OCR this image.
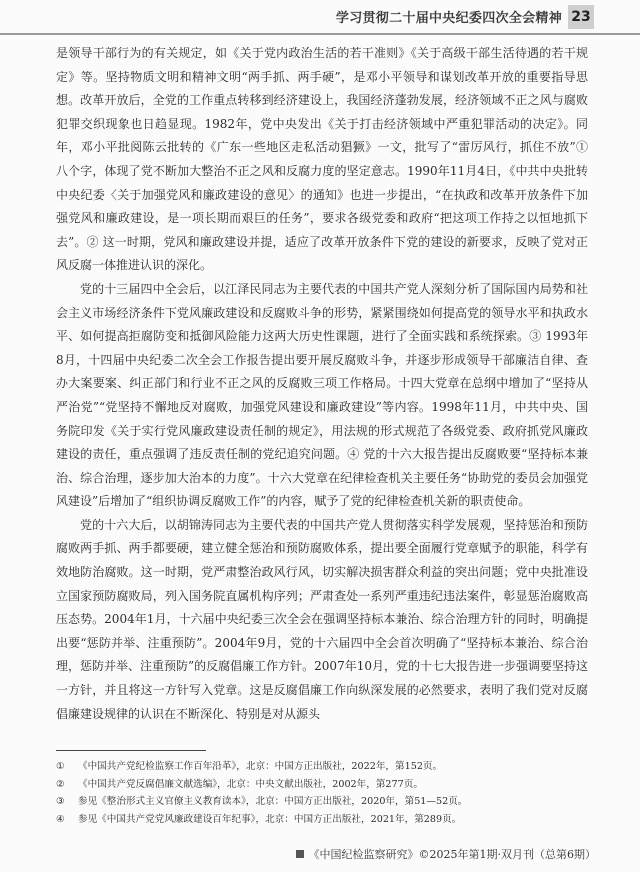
学习贯彻二十届中央纪委四次全会精神 23

是领导干部行为的有关规定，如《关于党内政治生活的若干准则》《关于高级干部生活待遇的若干规定》等。坚持物质文明和精神文明“两手抓、两手硬”，是邓小平领导和谋划改革开放的重要指导思想。改革开放后，全党的工作重点转移到经济建设上，我国经济蓬勃发展，经济领域不正之风与腐败犯罪交织现象也日趋显现。1982年，党中央发出《关于打击经济领域中严重犯罪活动的决定》。同年，邓小平批阅陈云批转的《广东一些地区走私活动猖獗》一文，批写了“雷厉风行，抓住不放”① 八个字，体现了党不断加大整治不正之风和反腐力度的坚定意志。1990年11月4日，《中共中央批转中央纪委〈关于加强党风和廉政建设的意见〉的通知》也进一步提出，“在执政和改革开放条件下加强党风和廉政建设，是一项长期而艰巨的任务”，要求各级党委和政府“把这项工作持之以恒地抓下去”。② 这一时期，党风和廉政建设并提，适应了改革开放条件下党的建设的新要求，反映了党对正风反腐一体推进认识的深化。

党的十三届四中全会后，以江泽民同志为主要代表的中国共产党人深刻分析了国际国内局势和社会主义市场经济条件下党风廉政建设和反腐败斗争的形势，紧紧围绕如何提高党的领导水平和执政水平、如何提高拒腐防变和抵御风险能力这两大历史性课题，进行了全面实践和系统探索。③ 1993年8月，十四届中央纪委二次全会工作报告提出要开展反腐败斗争，并逐步形成领导干部廉洁自律、查办大案要案、纠正部门和行业不正之风的反腐败三项工作格局。十四大党章在总纲中增加了“坚持从严治党”“党坚持不懈地反对腐败，加强党风建设和廉政建设”等内容。1998年11月，中共中央、国务院印发《关于实行党风廉政建设责任制的规定》，用法规的形式规范了各级党委、政府抓党风廉政建设的责任，重点强调了违反责任制的党纪追究问题。④ 党的十六大报告提出反腐败要“坚持标本兼治、综合治理，逐步加大治本的力度”。十六大党章在纪律检查机关主要任务“协助党的委员会加强党风建设”后增加了“组织协调反腐败工作”的内容，赋予了党的纪律检查机关新的职责使命。

党的十六大后，以胡锦涛同志为主要代表的中国共产党人贯彻落实科学发展观，坚持惩治和预防腐败两手抓、两手都要硬，建立健全惩治和预防腐败体系，提出要全面履行党章赋予的职能，科学有效地防治腐败。这一时期，党严肃整治政风行风，切实解决损害群众利益的突出问题；党中央批准设立国家预防腐败局，列入国务院直属机构序列；严肃查处一系列严重违纪违法案件，彰显惩治腐败高压态势。2004年1月，十六届中央纪委三次全会在强调坚持标本兼治、综合治理方针的同时，明确提出要“惩防并举、注重预防”。2004年9月，党的十六届四中全会首次明确了“坚持标本兼治、综合治理，惩防并举、注重预防”的反腐倡廉工作方针。2007年10月，党的十七大报告进一步强调要坚持这一方针，并且将这一方针写入党章。这是反腐倡廉工作向纵深发展的必然要求，表明了我们党对反腐倡廉建设规律的认识在不断深化、特别是对从源头

①	《中国共产党纪检监察工作百年沿革》，北京：中国方正出版社，2022年，第152页。
②	《中国共产党反腐倡廉文献选编》，北京：中央文献出版社，2002年，第277页。
③	参见《整治形式主义官僚主义教育读本》，北京：中国方正出版社，2020年，第51—52页。
④	参见《中国共产党党风廉政建设百年纪事》，北京：中国方正出版社，2021年，第289页。
《中国纪检监察研究》©2025年第1期·双月刊（总第6期）
